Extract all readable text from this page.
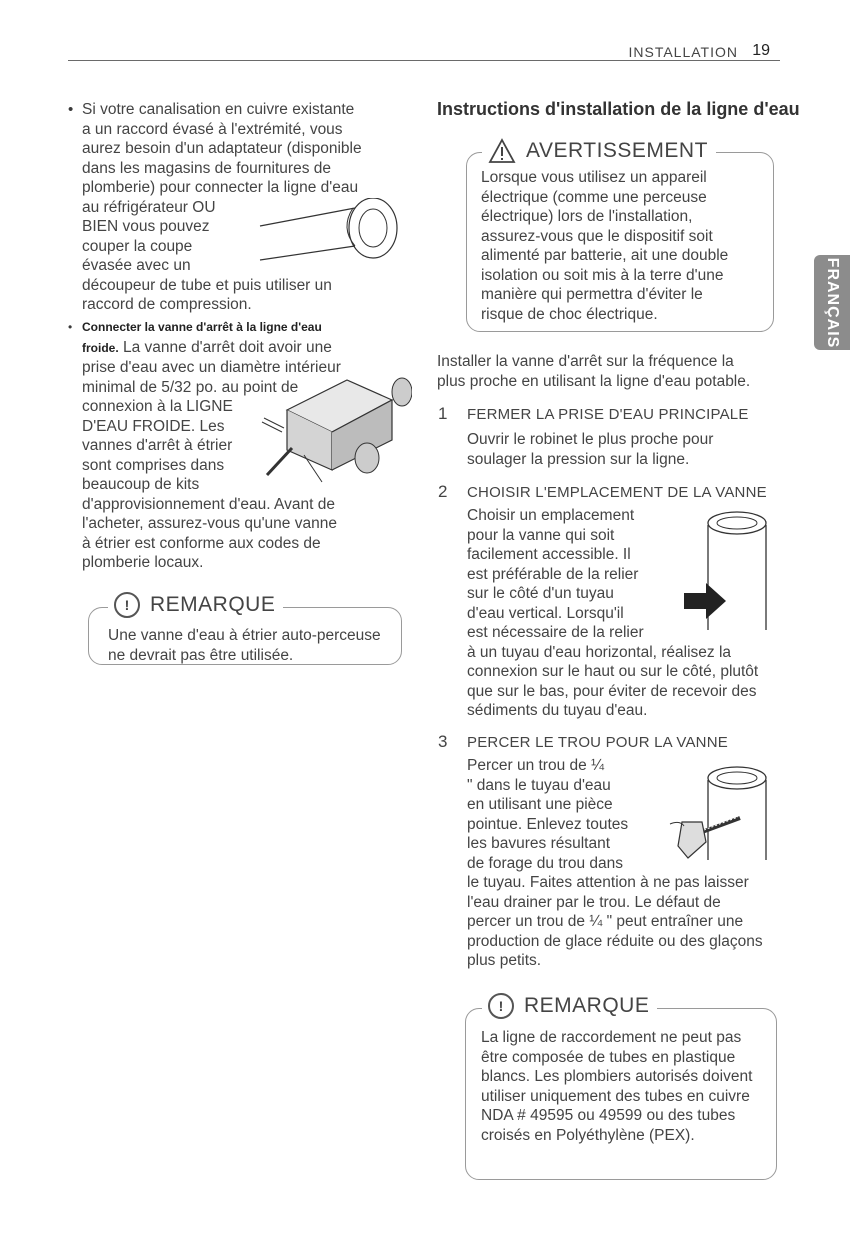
INSTALLATION 19
FRANÇAIS
• Si votre canalisation en cuivre existante
a un raccord évasé à l'extrémité, vous
aurez besoin d'un adaptateur (disponible
dans les magasins de fournitures de
plomberie) pour connecter la ligne d'eau
au réfrigérateur OU
BIEN vous pouvez
couper la coupe
évasée avec un
découpeur de tube et puis utiliser un
raccord de compression.
• Connecter la vanne d'arrêt à la ligne d'eau
froide. La vanne d'arrêt doit avoir une
prise d'eau avec un diamètre intérieur
minimal de 5/32 po. au point de
connexion à la LIGNE
D'EAU FROIDE. Les
vannes d'arrêt à étrier
sont comprises dans
beaucoup de kits
d'approvisionnement d'eau. Avant de
l'acheter, assurez-vous qu'une vanne
à étrier est conforme aux codes de
plomberie locaux.
! REMARQUE
Une vanne d'eau à étrier auto-perceuse
ne devrait pas être utilisée.
Instructions d'installation de la ligne d'eau
AVERTISSEMENT
Lorsque vous utilisez un appareil
électrique (comme une perceuse
électrique) lors de l'installation,
assurez-vous que le dispositif soit
alimenté par batterie, ait une double
isolation ou soit mis à la terre d'une
manière qui permettra d'éviter le
risque de choc électrique.
Installer la vanne d'arrêt sur la fréquence la
plus proche en utilisant la ligne d'eau potable.
1 FERMER LA PRISE D'EAU PRINCIPALE
Ouvrir le robinet le plus proche pour
soulager la pression sur la ligne.
2 CHOISIR L'EMPLACEMENT DE LA VANNE
Choisir un emplacement
pour la vanne qui soit
facilement accessible. Il
est préférable de la relier
sur le côté d'un tuyau
d'eau vertical. Lorsqu'il
est nécessaire de la relier
à un tuyau d'eau horizontal, réalisez la
connexion sur le haut ou sur le côté, plutôt
que sur le bas, pour éviter de recevoir des
sédiments du tuyau d'eau.
3 PERCER LE TROU POUR LA VANNE
Percer un trou de ¼
" dans le tuyau d'eau
en utilisant une pièce
pointue. Enlevez toutes
les bavures résultant
de forage du trou dans
le tuyau. Faites attention à ne pas laisser
l'eau drainer par le trou. Le défaut de
percer un trou de ¼ " peut entraîner une
production de glace réduite ou des glaçons
plus petits.
! REMARQUE
La ligne de raccordement ne peut pas
être composée de tubes en plastique
blancs. Les plombiers autorisés doivent
utiliser uniquement des tubes en cuivre
NDA # 49595 ou 49599 ou des tubes
croisés en Polyéthylène (PEX).
